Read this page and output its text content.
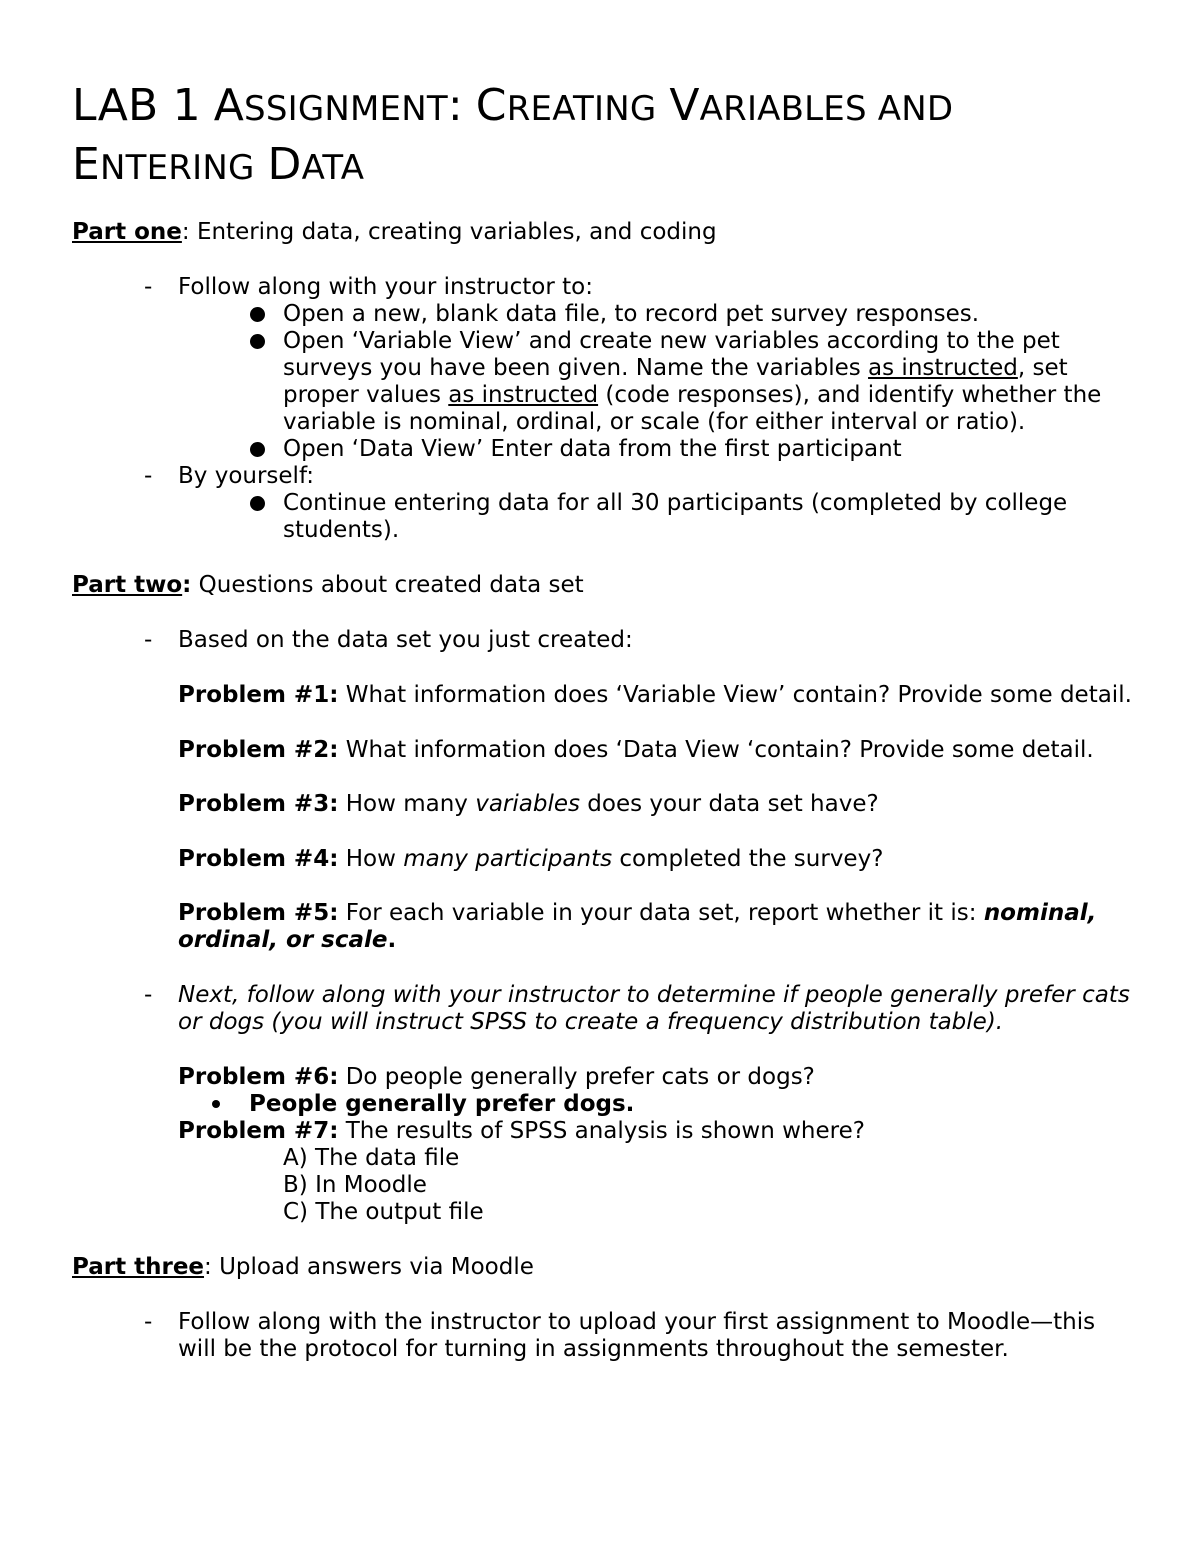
LAB 1 ASSIGNMENT: CREATING VARIABLES AND
ENTERING DATA

Part one: Entering data, creating variables, and coding

- Follow along with your instructor to:
Open a new, blank data file, to record pet survey responses.
Open ‘Variable View’ and create new variables according to the pet surveys you have been given. Name the variables as instructed, set proper values as instructed (code responses), and identify whether the variable is nominal, ordinal, or scale (for either interval or ratio).
Open ‘Data View’ Enter data from the first participant
- By yourself:
Continue entering data for all 30 participants (completed by college students).

Part two: Questions about created data set

- Based on the data set you just created:
Problem #1: What information does ‘Variable View’ contain? Provide some detail.
Problem #2: What information does ‘Data View ‘contain? Provide some detail.
Problem #3: How many variables does your data set have?
Problem #4: How many participants completed the survey?
Problem #5: For each variable in your data set, report whether it is: nominal, ordinal, or scale.
- Next, follow along with your instructor to determine if people generally prefer cats or dogs (you will instruct SPSS to create a frequency distribution table).
Problem #6: Do people generally prefer cats or dogs?
People generally prefer dogs.
Problem #7: The results of SPSS analysis is shown where?
A) The data file
B) In Moodle
C) The output file

Part three: Upload answers via Moodle

- Follow along with the instructor to upload your first assignment to Moodle—this will be the protocol for turning in assignments throughout the semester.
